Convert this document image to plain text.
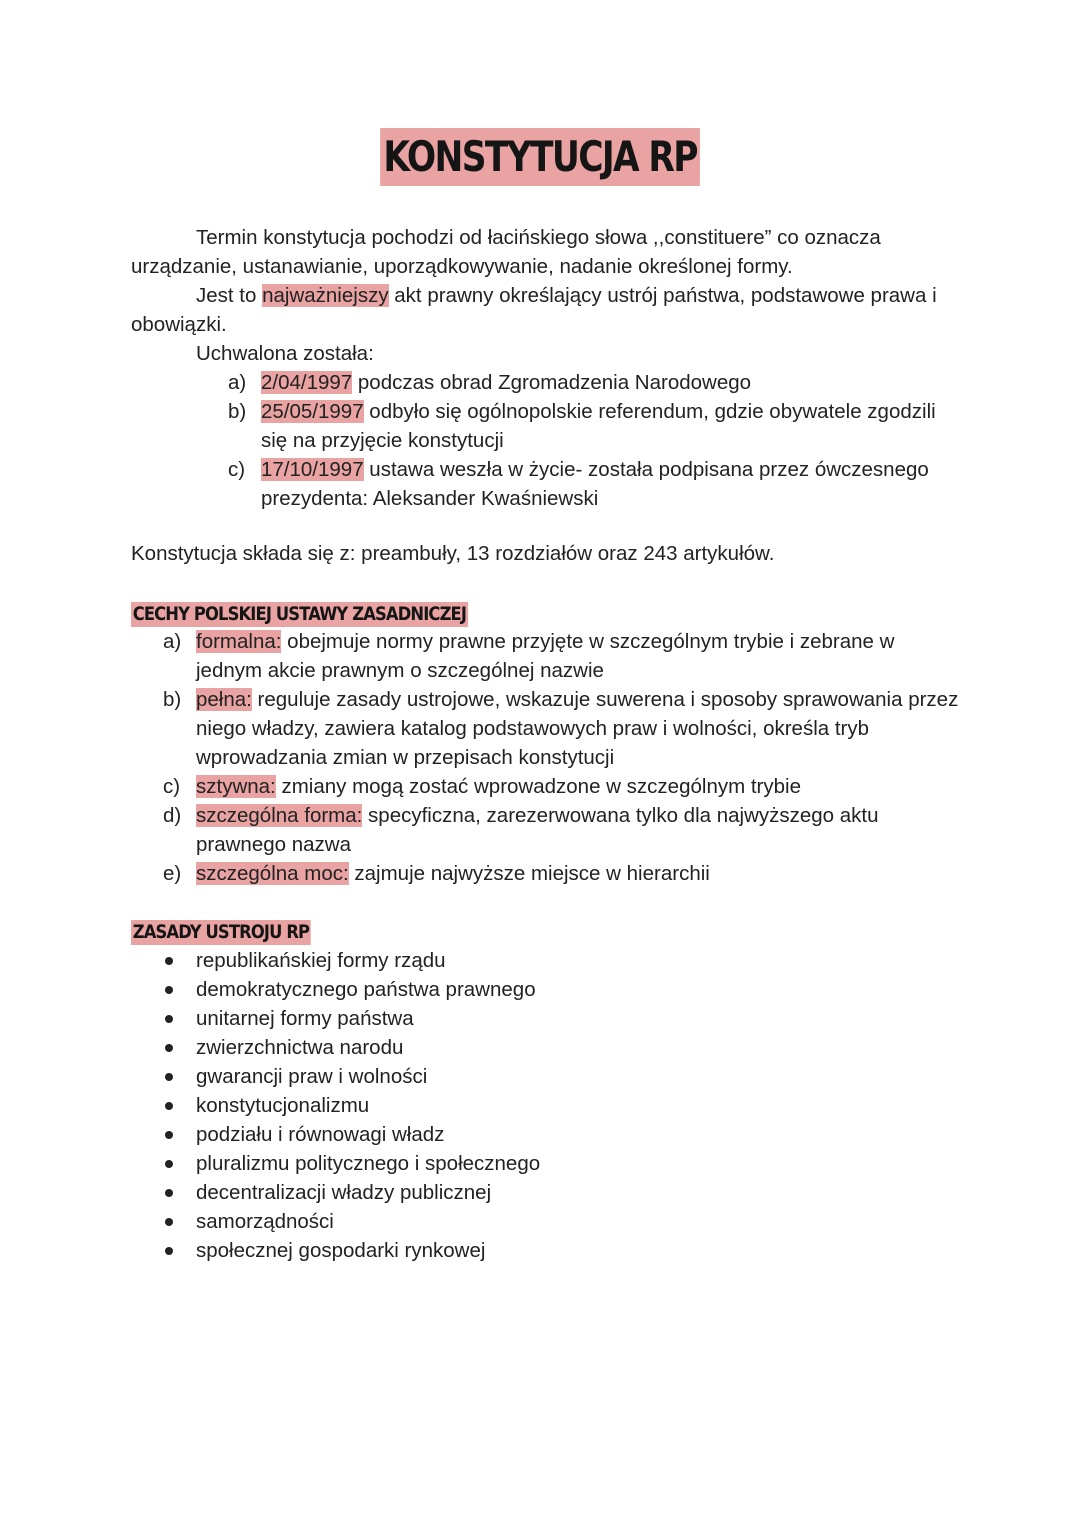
KONSTYTUCJA RP

Termin konstytucja pochodzi od łacińskiego słowa ,,constituere” co oznacza urządzanie, ustanawianie, uporządkowywanie, nadanie określonej formy.

Jest to najważniejszy akt prawny określający ustrój państwa, podstawowe prawa i obowiązki.

Uchwalona została:

a) 2/04/1997 podczas obrad Zgromadzenia Narodowego
b) 25/05/1997 odbyło się ogólnopolskie referendum, gdzie obywatele zgodzili się na przyjęcie konstytucji
c) 17/10/1997 ustawa weszła w życie- została podpisana przez ówczesnego prezydenta: Aleksander Kwaśniewski

Konstytucja składa się z: preambuły, 13 rozdziałów oraz 243 artykułów.

CECHY POLSKIEJ USTAWY ZASADNICZEJ
a) formalna: obejmuje normy prawne przyjęte w szczególnym trybie i zebrane w jednym akcie prawnym o szczególnej nazwie
b) pełna: reguluje zasady ustrojowe, wskazuje suwerena i sposoby sprawowania przez niego władzy, zawiera katalog podstawowych praw i wolności, określa tryb wprowadzania zmian w przepisach konstytucji
c) sztywna: zmiany mogą zostać wprowadzone w szczególnym trybie
d) szczególna forma: specyficzna, zarezerwowana tylko dla najwyższego aktu prawnego nazwa
e) szczególna moc: zajmuje najwyższe miejsce w hierarchii
ZASADY USTROJU RP
republikańskiej formy rządu
demokratycznego państwa prawnego
unitarnej formy państwa
zwierzchnictwa narodu
gwarancji praw i wolności
konstytucjonalizmu
podziału i równowagi władz
pluralizmu politycznego i społecznego
decentralizacji władzy publicznej
samorządności
społecznej gospodarki rynkowej
